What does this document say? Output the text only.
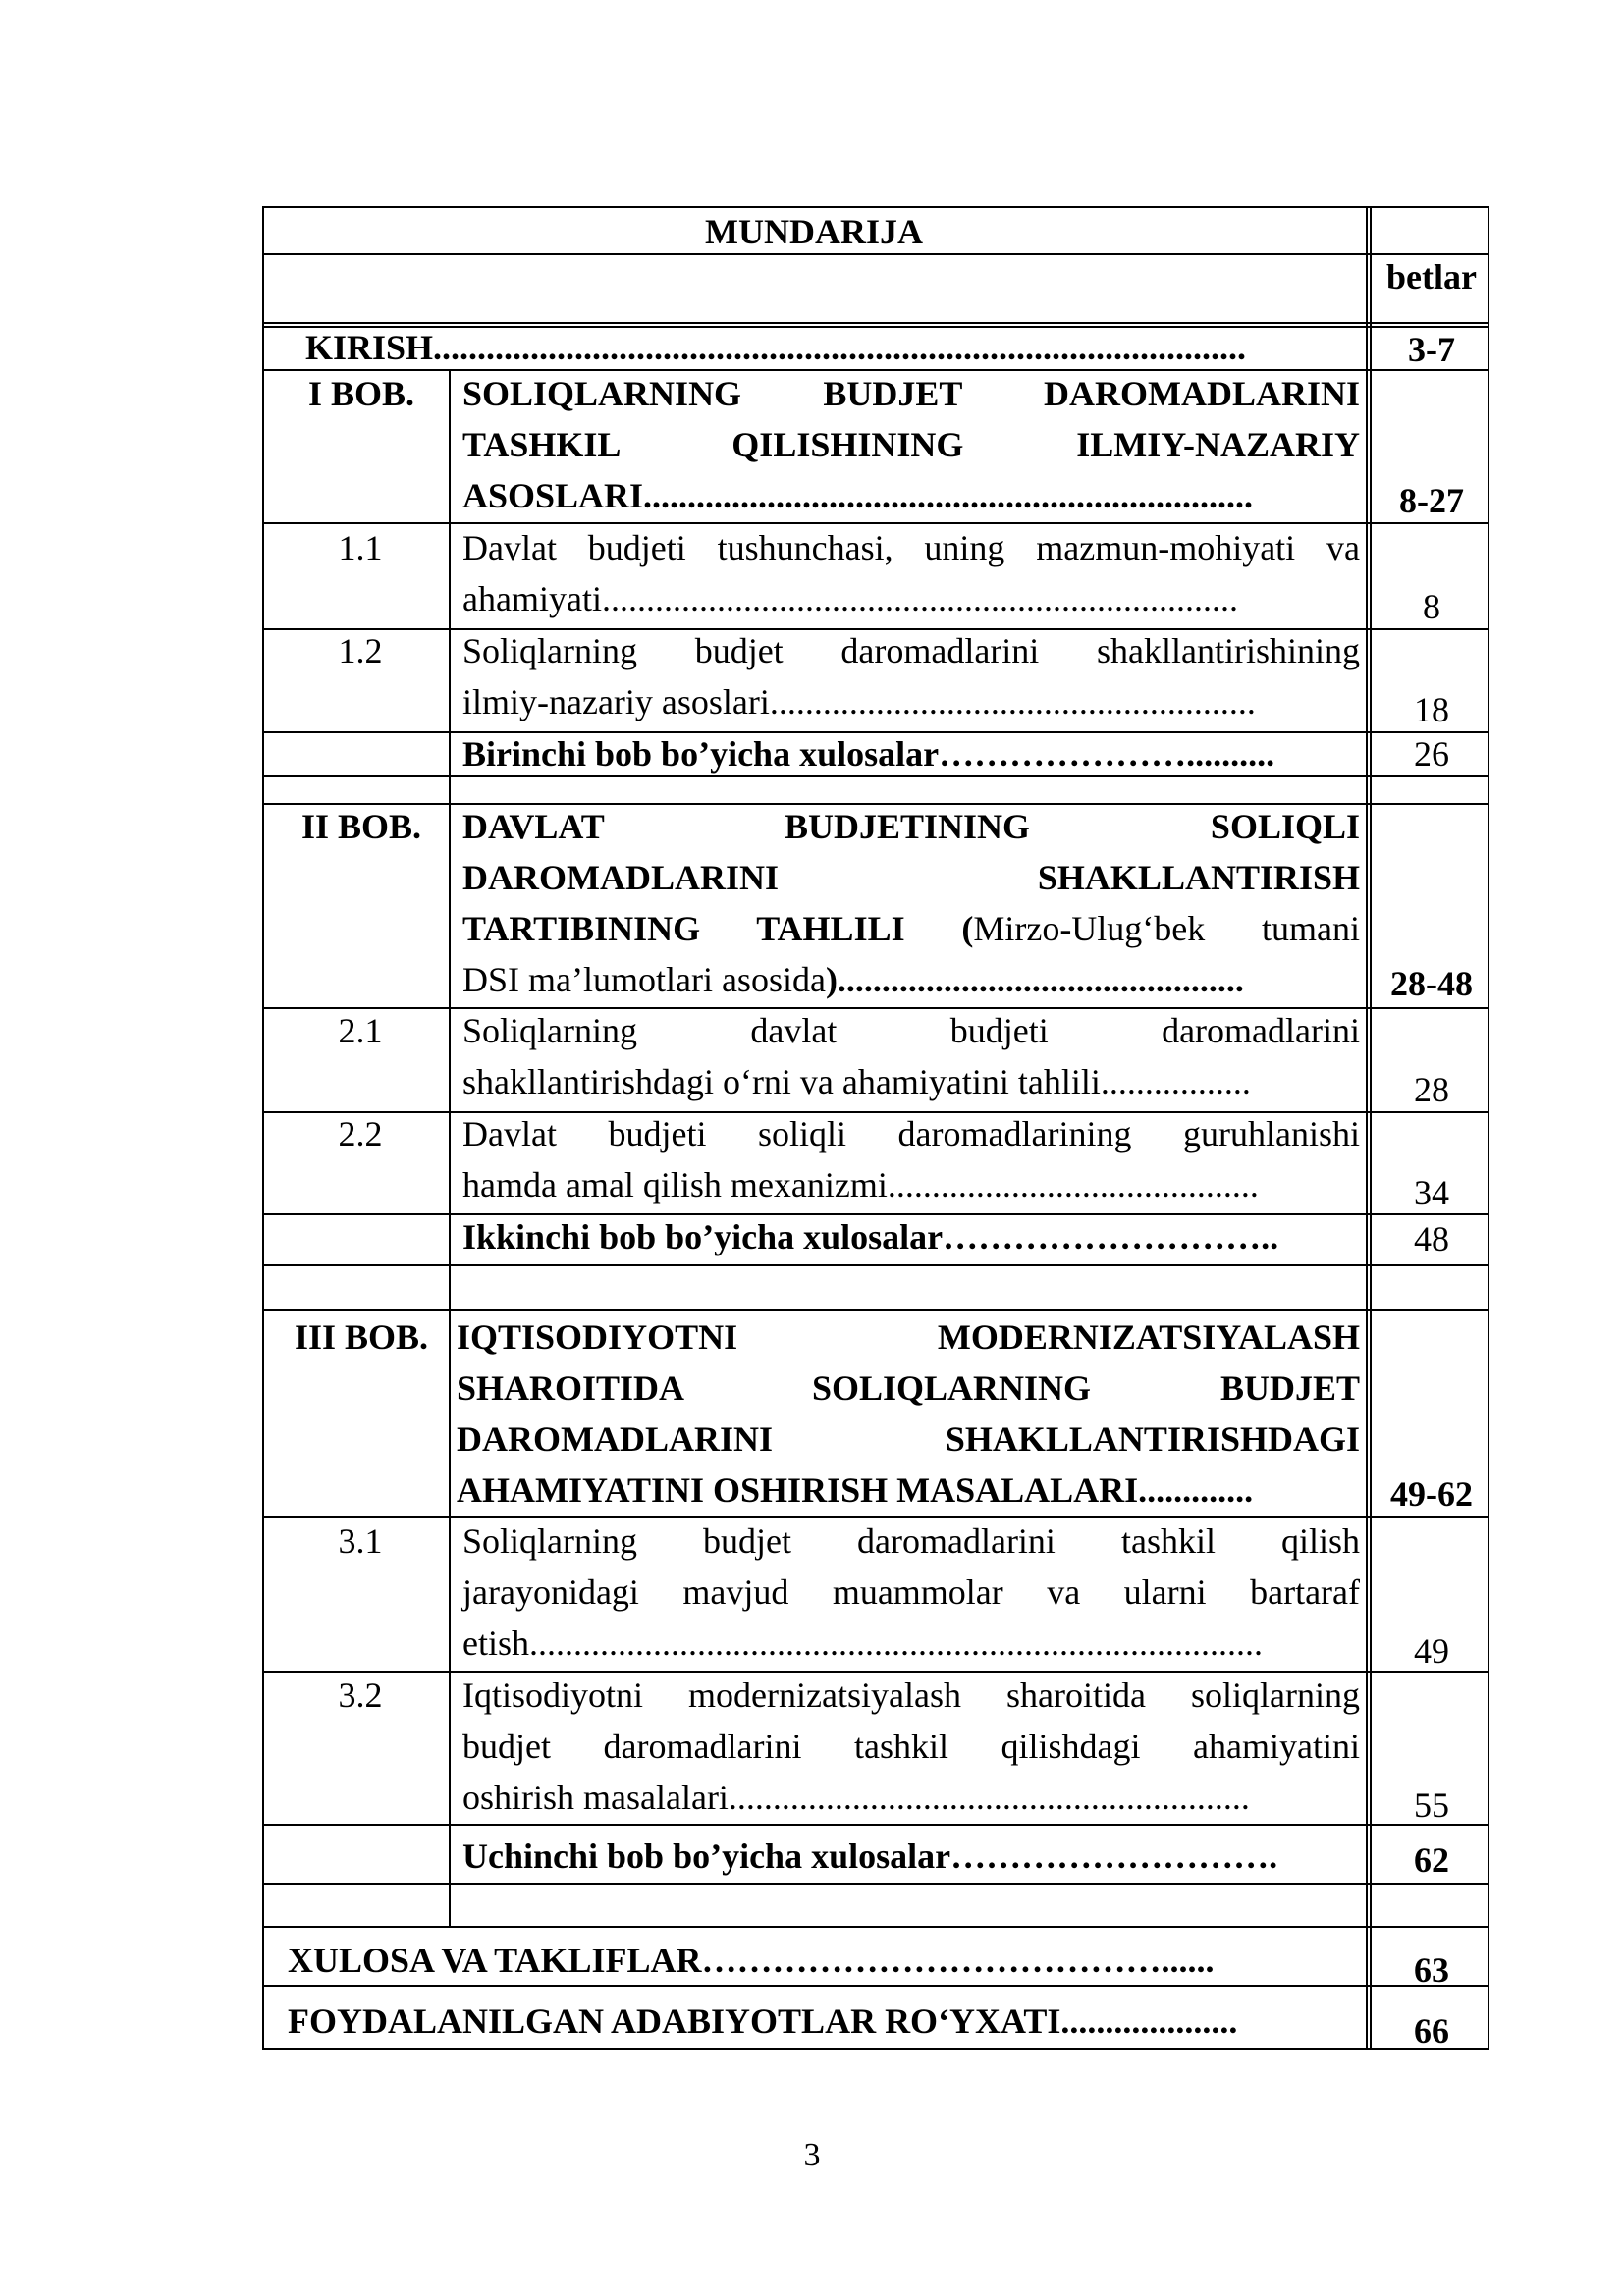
MUNDARIJA
betlar
KIRISH............................................................................................	3-7
I BOB.	SOLIQLARNING BUDJET DAROMADLARINI
TASHKIL QILISHINING ILMIY-NAZARIY
ASOSLARI.....................................................................	8-27
1.1	Davlat budjeti tushunchasi, uning mazmun-mohiyati va
ahamiyati........................................................................	8
1.2	Soliqlarning budjet daromadlarini shakllantirishining
ilmiy-nazariy asoslari.......................................................	18
Birinchi bob bo’yicha xulosalar…………………..........	26
II BOB.	DAVLAT BUDJETINING SOLIQLI
DAROMADLARINI SHAKLLANTIRISH
TARTIBINING TAHLILI (Mirzo-Ulug‘bek tumani
DSI ma’lumotlari asosida)..............................................	28-48
2.1	Soliqlarning davlat budjeti daromadlarini
shakllantirishdagi o‘rni va ahamiyatini tahlili.................	28
2.2	Davlat budjeti soliqli daromadlarining guruhlanishi
hamda amal qilish mexanizmi..........................................	34
Ikkinchi bob bo’yicha xulosalar………………………..	48
III BOB. IQTISODIYOTNI MODERNIZATSIYALASH
SHAROITIDA SOLIQLARNING BUDJET
DAROMADLARINI SHAKLLANTIRISHDAGI
AHAMIYATINI OSHIRISH MASALALARI.............	49-62
3.1	Soliqlarning budjet daromadlarini tashkil qilish
jarayonidagi mavjud muammolar va ularni bartaraf
etish...................................................................................	49
3.2	Iqtisodiyotni modernizatsiyalash sharoitida soliqlarning
budjet daromadlarini tashkil qilishdagi ahamiyatini
oshirish masalalari...........................................................	55
Uchinchi bob bo’yicha xulosalar……………………….	62
XULOSA VA TAKLIFLAR…………………………………......	63
FOYDALANILGAN ADABIYOTLAR RO‘YXATI....................	66
3
